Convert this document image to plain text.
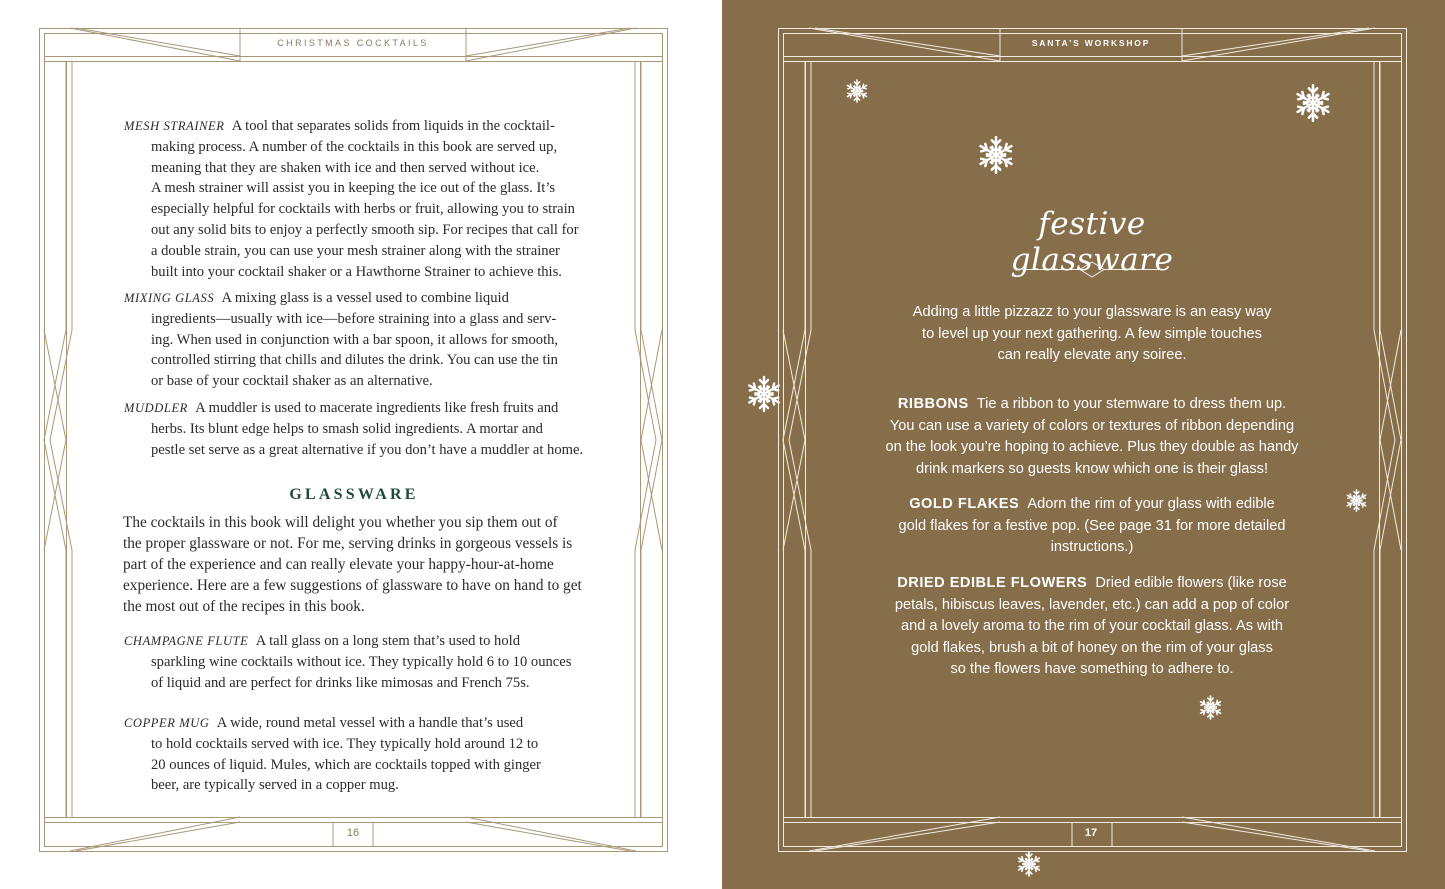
CHRISTMAS COCKTAILS
MESH STRAINER A tool that separates solids from liquids in the cocktail-
making process. A number of the cocktails in this book are served up,
meaning that they are shaken with ice and then served without ice.
A mesh strainer will assist you in keeping the ice out of the glass. It’s
especially helpful for cocktails with herbs or fruit, allowing you to strain
out any solid bits to enjoy a perfectly smooth sip. For recipes that call for
a double strain, you can use your mesh strainer along with the strainer
built into your cocktail shaker or a Hawthorne Strainer to achieve this.
MIXING GLASS A mixing glass is a vessel used to combine liquid
ingredients—usually with ice—before straining into a glass and serv-
ing. When used in conjunction with a bar spoon, it allows for smooth,
controlled stirring that chills and dilutes the drink. You can use the tin
or base of your cocktail shaker as an alternative.
MUDDLER A muddler is used to macerate ingredients like fresh fruits and
herbs. Its blunt edge helps to smash solid ingredients. A mortar and
pestle set serve as a great alternative if you don’t have a muddler at home.
GLASSWARE
The cocktails in this book will delight you whether you sip them out of
the proper glassware or not. For me, serving drinks in gorgeous vessels is
part of the experience and can really elevate your happy-hour-at-home
experience. Here are a few suggestions of glassware to have on hand to get
the most out of the recipes in this book.
CHAMPAGNE FLUTE A tall glass on a long stem that’s used to hold
sparkling wine cocktails without ice. They typically hold 6 to 10 ounces
of liquid and are perfect for drinks like mimosas and French 75s.
COPPER MUG A wide, round metal vessel with a handle that’s used
to hold cocktails served with ice. They typically hold around 12 to
20 ounces of liquid. Mules, which are cocktails topped with ginger
beer, are typically served in a copper mug.
16
SANTA’S WORKSHOP
festive glassware
Adding a little pizzazz to your glassware is an easy way
to level up your next gathering. A few simple touches
can really elevate any soiree.
RIBBONS Tie a ribbon to your stemware to dress them up.
You can use a variety of colors or textures of ribbon depending
on the look you’re hoping to achieve. Plus they double as handy
drink markers so guests know which one is their glass!
GOLD FLAKES Adorn the rim of your glass with edible
gold flakes for a festive pop. (See page 31 for more detailed
instructions.)
DRIED EDIBLE FLOWERS Dried edible flowers (like rose
petals, hibiscus leaves, lavender, etc.) can add a pop of color
and a lovely aroma to the rim of your cocktail glass. As with
gold flakes, brush a bit of honey on the rim of your glass
so the flowers have something to adhere to.
17
